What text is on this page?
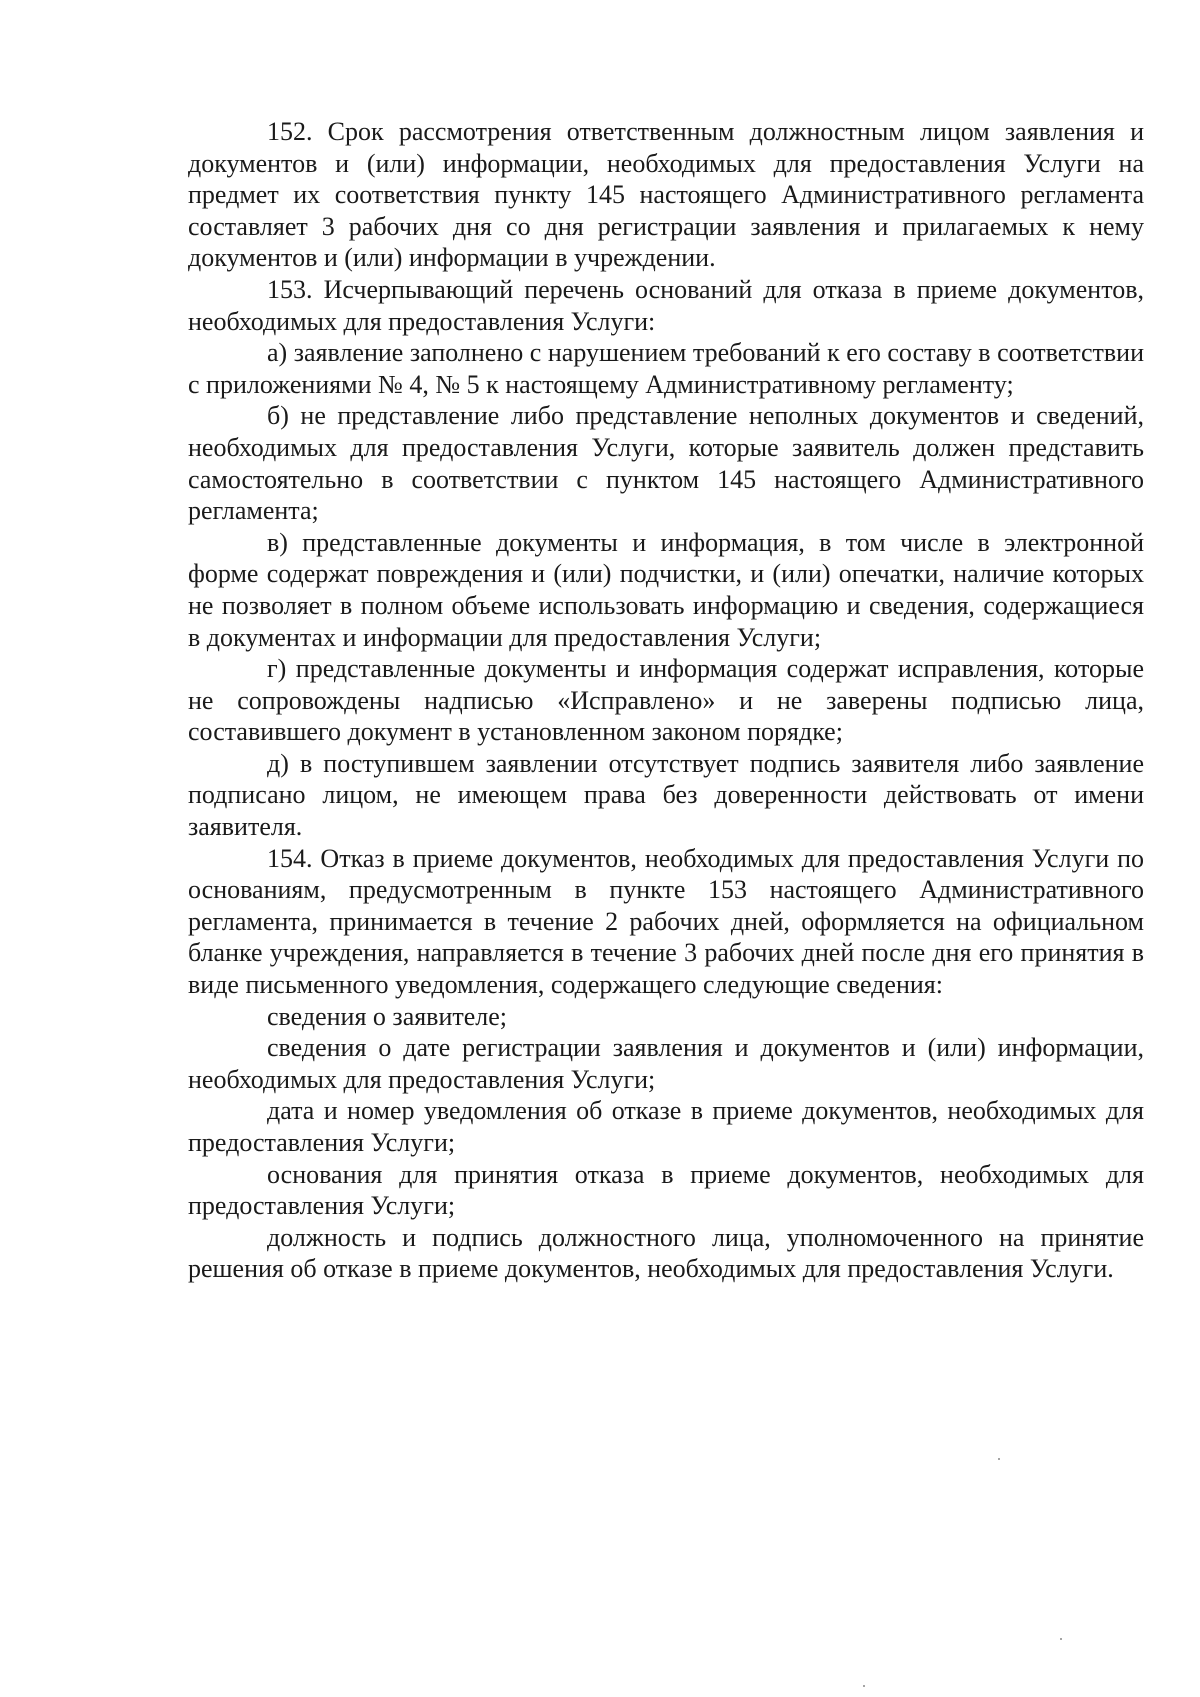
152. Срок рассмотрения ответственным должностным лицом заявления и документов и (или) информации, необходимых для предоставления Услуги на предмет их соответствия пункту 145 настоящего Административного регламента составляет 3 рабочих дня со дня регистрации заявления и прилагаемых к нему документов и (или) информации в учреждении.

153. Исчерпывающий перечень оснований для отказа в приеме документов, необходимых для предоставления Услуги:

а) заявление заполнено с нарушением требований к его составу в соответствии с приложениями № 4, № 5 к настоящему Административному регламенту;

б) не представление либо представление неполных документов и сведений, необходимых для предоставления Услуги, которые заявитель должен представить самостоятельно в соответствии с пунктом 145 настоящего Административного регламента;

в) представленные документы и информация, в том числе в электронной форме содержат повреждения и (или) подчистки, и (или) опечатки, наличие которых не позволяет в полном объеме использовать информацию и сведения, содержащиеся в документах и информации для предоставления Услуги;

г) представленные документы и информация содержат исправления, которые не сопровождены надписью «Исправлено» и не заверены подписью лица, составившего документ в установленном законом порядке;

д) в поступившем заявлении отсутствует подпись заявителя либо заявление подписано лицом, не имеющем права без доверенности действовать от имени заявителя.

154. Отказ в приеме документов, необходимых для предоставления Услуги по основаниям, предусмотренным в пункте 153 настоящего Административного регламента, принимается в течение 2 рабочих дней, оформляется на официальном бланке учреждения, направляется в течение 3 рабочих дней после дня его принятия в виде письменного уведомления, содержащего следующие сведения:

сведения о заявителе;

сведения о дате регистрации заявления и документов и (или) информации, необходимых для предоставления Услуги;

дата и номер уведомления об отказе в приеме документов, необходимых для предоставления Услуги;

основания для принятия отказа в приеме документов, необходимых для предоставления Услуги;

должность и подпись должностного лица, уполномоченного на принятие решения об отказе в приеме документов, необходимых для предоставления Услуги.
